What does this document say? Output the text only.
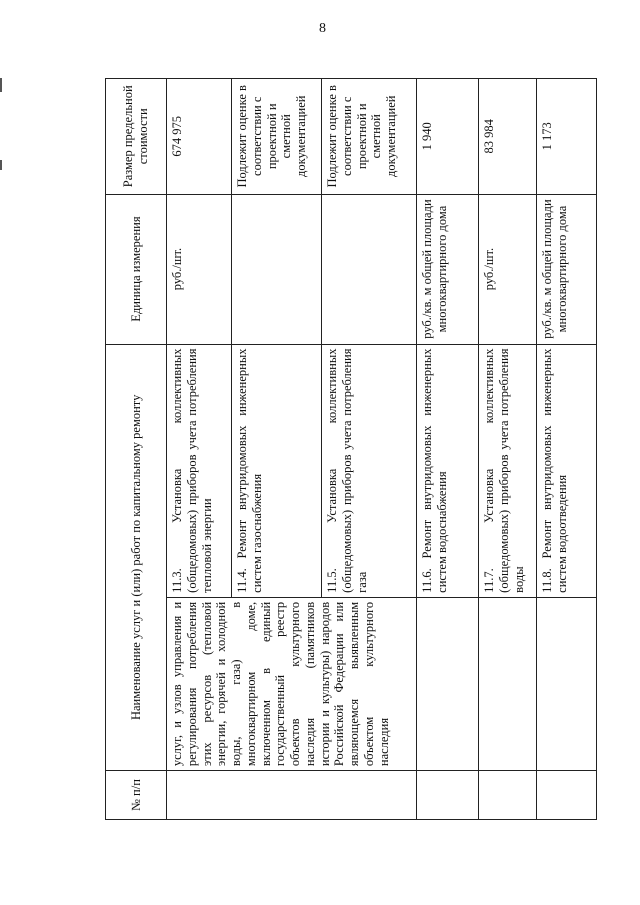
8
№ п/п	Наименование услуг и (или) работ по капитальному ремонту		Единица измерения	Размер предельной стоимости
	услуг, и узлов управления и регулирования потребления этих ресурсов (тепловой энергии, горячей и холодной воды, газа) в многоквартирном доме, включенном в единый государственный реестр объектов культурного наследия (памятников истории и культуры) народов Российской Федерации или являющемся выявленным объектом культурного наследия	11.3. Установка коллективных (общедомовых) приборов учета потребления тепловой энергии	руб./шт.	674 975
		11.4. Ремонт внутридомовых инженерных систем газоснабжения		Подлежит оценке в соответствии с проектной и сметной документацией
		11.5. Установка коллективных (общедомовых) приборов учета потребления газа		Подлежит оценке в соответствии с проектной и сметной документацией
		11.6. Ремонт внутридомовых инженерных систем водоснабжения	руб./кв. м общей площади многоквартирного дома	1 940
		11.7. Установка коллективных (общедомовых) приборов учета потребления воды	руб./шт.	83 984
		11.8. Ремонт внутридомовых инженерных систем водоотведения	руб./кв. м общей площади многоквартирного дома	1 173
